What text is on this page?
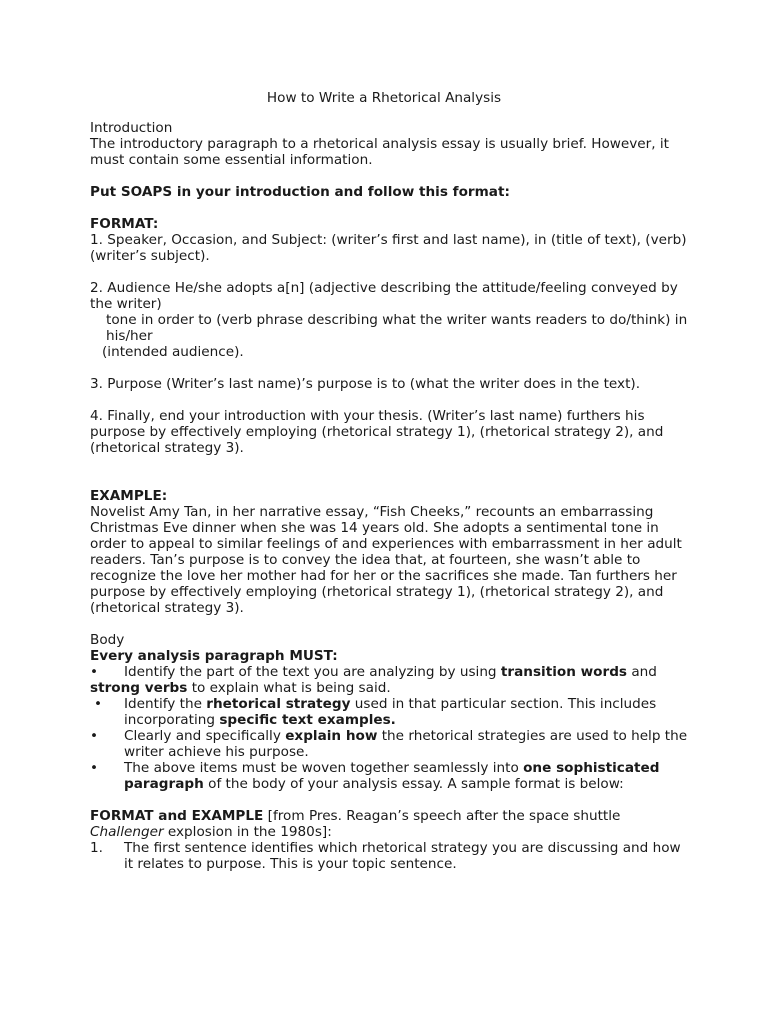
How to Write a Rhetorical Analysis

Introduction

The introductory paragraph to a rhetorical analysis essay is usually brief. However, it must contain some essential information.

Put SOAPS in your introduction and follow this format:

FORMAT:

1. Speaker, Occasion, and Subject: (writer’s first and last name), in (title of text), (verb) (writer’s subject).

2. Audience He/she adopts a[n] (adjective describing the attitude/feeling conveyed by the writer)

tone in order to (verb phrase describing what the writer wants readers to do/think) in his/her

(intended audience).

3. Purpose (Writer’s last name)’s purpose is to (what the writer does in the text).

4. Finally, end your introduction with your thesis. (Writer’s last name) furthers his purpose by effectively employing (rhetorical strategy 1), (rhetorical strategy 2), and (rhetorical strategy 3).

EXAMPLE:

Novelist Amy Tan, in her narrative essay, “Fish Cheeks,” recounts an embarrassing Christmas Eve dinner when she was 14 years old. She adopts a sentimental tone in order to appeal to similar feelings of and experiences with embarrassment in her adult readers. Tan’s purpose is to convey the idea that, at fourteen, she wasn’t able to recognize the love her mother had for her or the sacrifices she made. Tan furthers her purpose by effectively employing (rhetorical strategy 1), (rhetorical strategy 2), and (rhetorical strategy 3).

Body

Every analysis paragraph MUST:

•	Identify the part of the text you are analyzing by using transition words and
strong verbs to explain what is being said.
•	Identify the rhetorical strategy used in that particular section. This includes incorporating specific text examples.
•	Clearly and specifically explain how the rhetorical strategies are used to help the writer achieve his purpose.
•	The above items must be woven together seamlessly into one sophisticated paragraph of the body of your analysis essay. A sample format is below:

FORMAT and EXAMPLE [from Pres. Reagan’s speech after the space shuttle Challenger explosion in the 1980s]:

1.	The first sentence identifies which rhetorical strategy you are discussing and how it relates to purpose. This is your topic sentence.
